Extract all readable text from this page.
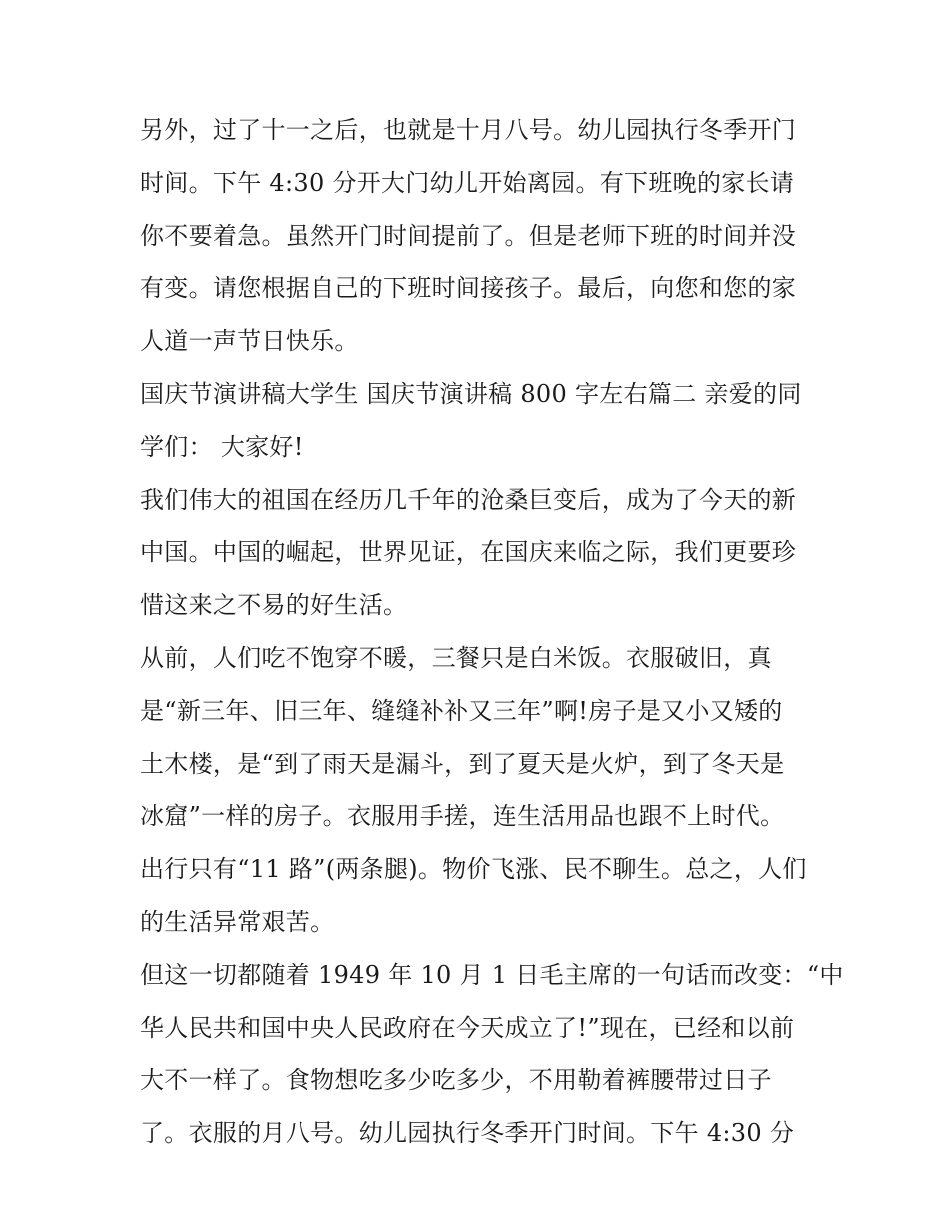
另外，过了十一之后，也就是十月八号。幼儿园执行冬季开门
时间。下午 4:30 分开大门幼儿开始离园。有下班晚的家长请
你不要着急。虽然开门时间提前了。但是老师下班的时间并没
有变。请您根据自己的下班时间接孩子。最后，向您和您的家
人道一声节日快乐。
国庆节演讲稿大学生 国庆节演讲稿 800 字左右篇二 亲爱的同
学们： 大家好!
我们伟大的祖国在经历几千年的沧桑巨变后，成为了今天的新
中国。中国的崛起，世界见证，在国庆来临之际，我们更要珍
惜这来之不易的好生活。
从前，人们吃不饱穿不暖，三餐只是白米饭。衣服破旧，真
是“新三年、旧三年、缝缝补补又三年”啊!房子是又小又矮的
土木楼，是“到了雨天是漏斗，到了夏天是火炉，到了冬天是
冰窟”一样的房子。衣服用手搓，连生活用品也跟不上时代。
出行只有“11 路”(两条腿)。物价飞涨、民不聊生。总之，人们
的生活异常艰苦。
但这一切都随着 1949 年 10 月 1 日毛主席的一句话而改变：“中
华人民共和国中央人民政府在今天成立了!”现在，已经和以前
大不一样了。食物想吃多少吃多少，不用勒着裤腰带过日子
了。衣服的月八号。幼儿园执行冬季开门时间。下午 4:30 分
